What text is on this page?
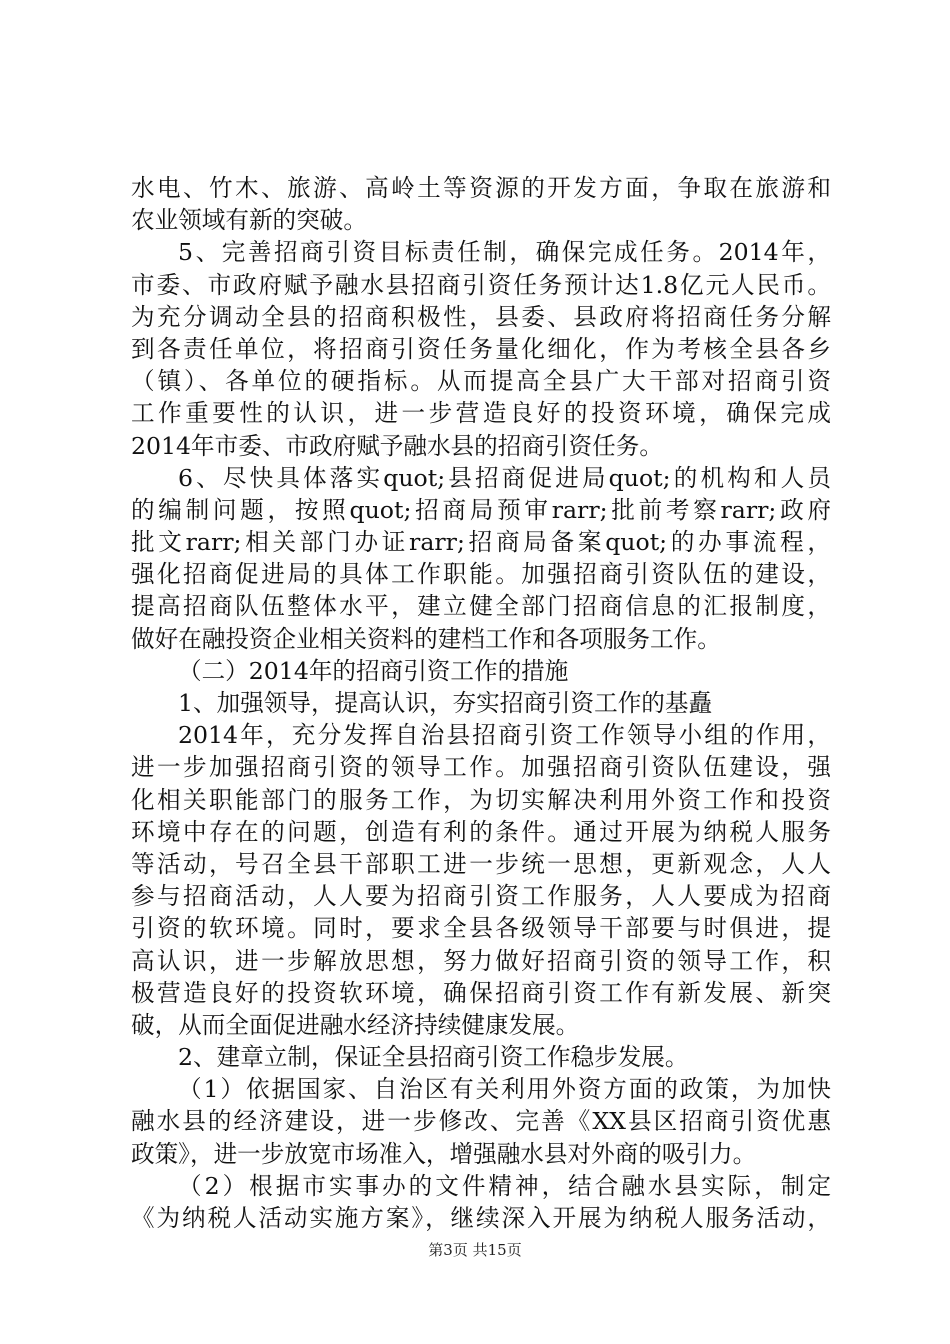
水电、竹木、旅游、高岭土等资源的开发方面，争取在旅游和
农业领域有新的突破。
5、完善招商引资目标责任制，确保完成任务。2014年，
市委、市政府赋予融水县招商引资任务预计达1.8亿元人民币。
为充分调动全县的招商积极性，县委、县政府将招商任务分解
到各责任单位，将招商引资任务量化细化，作为考核全县各乡
（镇）、各单位的硬指标。从而提高全县广大干部对招商引资
工作重要性的认识，进一步营造良好的投资环境，确保完成
2014年市委、市政府赋予融水县的招商引资任务。
6、尽快具体落实quot;县招商促进局quot;的机构和人员
的编制问题，按照quot;招商局预审rarr;批前考察rarr;政府
批文rarr;相关部门办证rarr;招商局备案quot;的办事流程，
强化招商促进局的具体工作职能。加强招商引资队伍的建设，
提高招商队伍整体水平，建立健全部门招商信息的汇报制度，
做好在融投资企业相关资料的建档工作和各项服务工作。
（二）2014年的招商引资工作的措施
1、加强领导，提高认识，夯实招商引资工作的基矗
2014年，充分发挥自治县招商引资工作领导小组的作用，
进一步加强招商引资的领导工作。加强招商引资队伍建设，强
化相关职能部门的服务工作，为切实解决利用外资工作和投资
环境中存在的问题，创造有利的条件。通过开展为纳税人服务
等活动，号召全县干部职工进一步统一思想，更新观念，人人
参与招商活动，人人要为招商引资工作服务，人人要成为招商
引资的软环境。同时，要求全县各级领导干部要与时俱进，提
高认识，进一步解放思想，努力做好招商引资的领导工作，积
极营造良好的投资软环境，确保招商引资工作有新发展、新突
破，从而全面促进融水经济持续健康发展。
2、建章立制，保证全县招商引资工作稳步发展。
（1）依据国家、自治区有关利用外资方面的政策，为加快
融水县的经济建设，进一步修改、完善《XX县区招商引资优惠
政策》，进一步放宽市场准入，增强融水县对外商的吸引力。
（2）根据市实事办的文件精神，结合融水县实际，制定
《为纳税人活动实施方案》，继续深入开展为纳税人服务活动，
第3页 共15页
